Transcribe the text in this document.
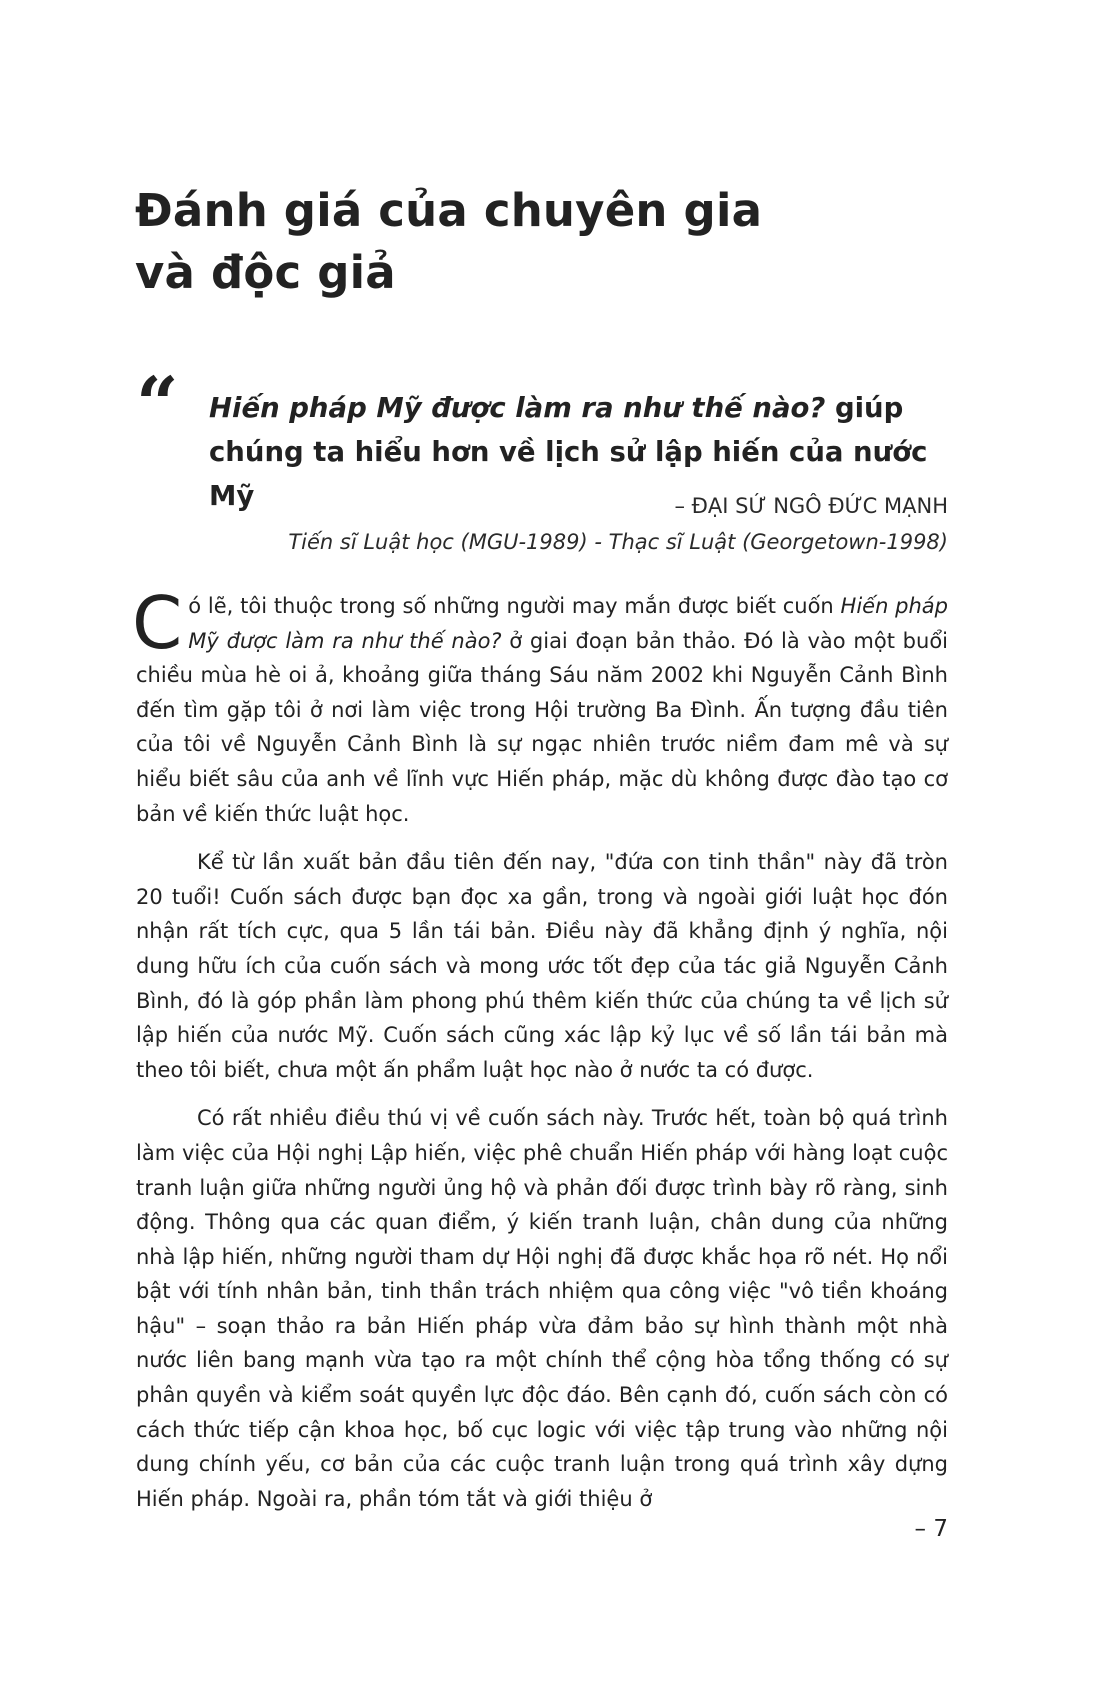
Đánh giá của chuyên gia
và độc giả
“ Hiến pháp Mỹ được làm ra như thế nào? giúp
chúng ta hiểu hơn về lịch sử lập hiến của nước Mỹ	– ĐẠI SỨ NGÔ ĐỨC MẠNH
Tiến sĩ Luật học (MGU-1989) - Thạc sĩ Luật (Georgetown-1998)

Có lẽ, tôi thuộc trong số những người may mắn được biết cuốn Hiến pháp Mỹ được làm ra như thế nào? ở giai đoạn bản thảo. Đó là vào một buổi chiều mùa hè oi ả, khoảng giữa tháng Sáu năm 2002 khi Nguyễn Cảnh Bình đến tìm gặp tôi ở nơi làm việc trong Hội trường Ba Đình. Ấn tượng đầu tiên của tôi về Nguyễn Cảnh Bình là sự ngạc nhiên trước niềm đam mê và sự hiểu biết sâu của anh về lĩnh vực Hiến pháp, mặc dù không được đào tạo cơ bản về kiến thức luật học.

Kể từ lần xuất bản đầu tiên đến nay, "đứa con tinh thần" này đã tròn 20 tuổi! Cuốn sách được bạn đọc xa gần, trong và ngoài giới luật học đón nhận rất tích cực, qua 5 lần tái bản. Điều này đã khẳng định ý nghĩa, nội dung hữu ích của cuốn sách và mong ước tốt đẹp của tác giả Nguyễn Cảnh Bình, đó là góp phần làm phong phú thêm kiến thức của chúng ta về lịch sử lập hiến của nước Mỹ. Cuốn sách cũng xác lập kỷ lục về số lần tái bản mà theo tôi biết, chưa một ấn phẩm luật học nào ở nước ta có được.

Có rất nhiều điều thú vị về cuốn sách này. Trước hết, toàn bộ quá trình làm việc của Hội nghị Lập hiến, việc phê chuẩn Hiến pháp với hàng loạt cuộc tranh luận giữa những người ủng hộ và phản đối được trình bày rõ ràng, sinh động. Thông qua các quan điểm, ý kiến tranh luận, chân dung của những nhà lập hiến, những người tham dự Hội nghị đã được khắc họa rõ nét. Họ nổi bật với tính nhân bản, tinh thần trách nhiệm qua công việc "vô tiền khoáng hậu" – soạn thảo ra bản Hiến pháp vừa đảm bảo sự hình thành một nhà nước liên bang mạnh vừa tạo ra một chính thể cộng hòa tổng thống có sự phân quyền và kiểm soát quyền lực độc đáo. Bên cạnh đó, cuốn sách còn có cách thức tiếp cận khoa học, bố cục logic với việc tập trung vào những nội dung chính yếu, cơ bản của các cuộc tranh luận trong quá trình xây dựng Hiến pháp. Ngoài ra, phần tóm tắt và giới thiệu ở

– 7
